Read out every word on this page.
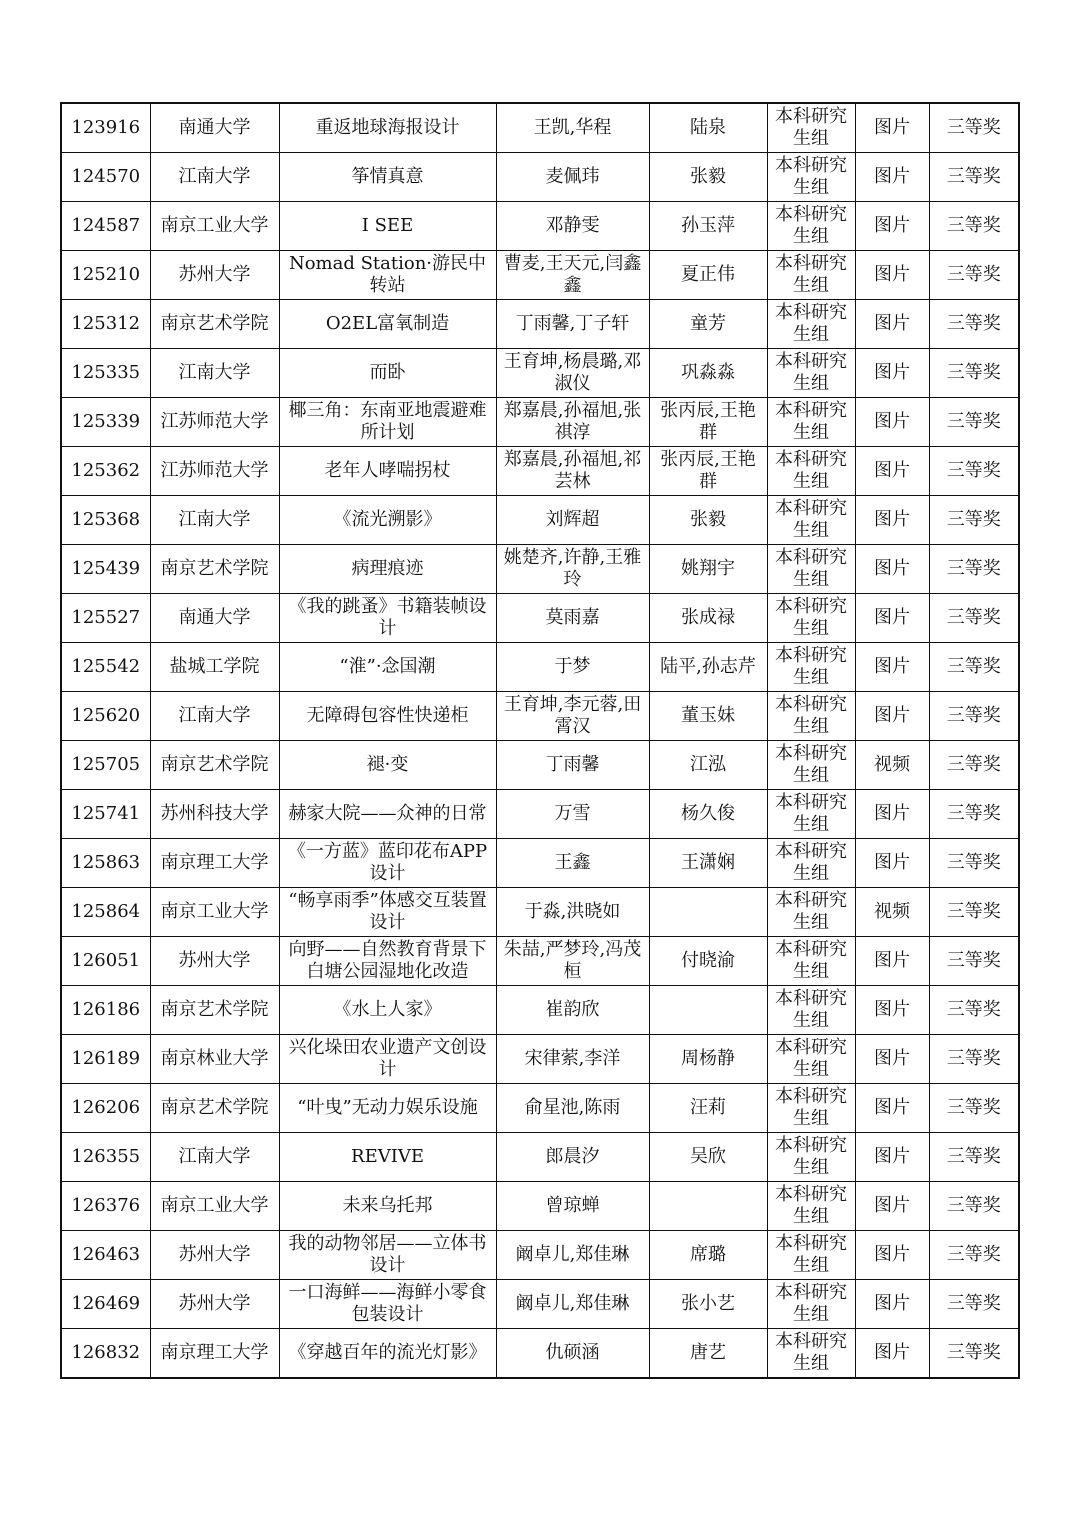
123916	南通大学	重返地球海报设计	王凯,华程	陆泉	本科研究生组	图片	三等奖
124570	江南大学	筝情真意	麦佩玮	张毅	本科研究生组	图片	三等奖
124587	南京工业大学	I SEE	邓静雯	孙玉萍	本科研究生组	图片	三等奖
125210	苏州大学	Nomad Station·游民中转站	曹麦,王天元,闫鑫鑫	夏正伟	本科研究生组	图片	三等奖
125312	南京艺术学院	O2EL富氧制造	丁雨馨,丁子轩	童芳	本科研究生组	图片	三等奖
125335	江南大学	而卧	王育坤,杨晨璐,邓淑仪	巩淼淼	本科研究生组	图片	三等奖
125339	江苏师范大学	椰三角：东南亚地震避难所计划	郑嘉晨,孙福旭,张祺淳	张丙辰,王艳群	本科研究生组	图片	三等奖
125362	江苏师范大学	老年人哮喘拐杖	郑嘉晨,孙福旭,祁芸林	张丙辰,王艳群	本科研究生组	图片	三等奖
125368	江南大学	《流光溯影》	刘辉超	张毅	本科研究生组	图片	三等奖
125439	南京艺术学院	病理痕迹	姚楚齐,许静,王雅玲	姚翔宇	本科研究生组	图片	三等奖
125527	南通大学	《我的跳蚤》书籍装帧设计	莫雨嘉	张成禄	本科研究生组	图片	三等奖
125542	盐城工学院	“淮”·念国潮	于梦	陆平,孙志芹	本科研究生组	图片	三等奖
125620	江南大学	无障碍包容性快递柜	王育坤,李元蓉,田霄汉	董玉妹	本科研究生组	图片	三等奖
125705	南京艺术学院	褪·变	丁雨馨	江泓	本科研究生组	视频	三等奖
125741	苏州科技大学	赫家大院——众神的日常	万雪	杨久俊	本科研究生组	图片	三等奖
125863	南京理工大学	《一方蓝》蓝印花布APP设计	王鑫	王潇娴	本科研究生组	图片	三等奖
125864	南京工业大学	“畅享雨季”体感交互装置设计	于淼,洪晓如		本科研究生组	视频	三等奖
126051	苏州大学	向野——自然教育背景下白塘公园湿地化改造	朱喆,严梦玲,冯茂桓	付晓渝	本科研究生组	图片	三等奖
126186	南京艺术学院	《水上人家》	崔韵欣		本科研究生组	图片	三等奖
126189	南京林业大学	兴化垛田农业遗产文创设计	宋律萦,李洋	周杨静	本科研究生组	图片	三等奖
126206	南京艺术学院	“叶曳”无动力娱乐设施	俞星池,陈雨	汪莉	本科研究生组	图片	三等奖
126355	江南大学	REVIVE	郎晨汐	吴欣	本科研究生组	图片	三等奖
126376	南京工业大学	未来乌托邦	曾琼蝉		本科研究生组	图片	三等奖
126463	苏州大学	我的动物邻居——立体书设计	阚卓儿,郑佳琳	席璐	本科研究生组	图片	三等奖
126469	苏州大学	一口海鲜——海鲜小零食包装设计	阚卓儿,郑佳琳	张小艺	本科研究生组	图片	三等奖
126832	南京理工大学	《穿越百年的流光灯影》	仇硕涵	唐艺	本科研究生组	图片	三等奖
